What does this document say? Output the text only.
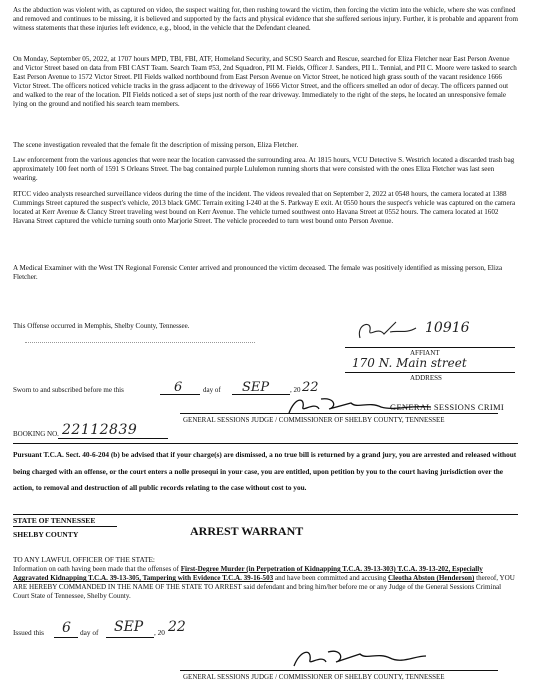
As the abduction was violent with, as captured on video, the suspect waiting for, then rushing toward the victim, then forcing the victim into the vehicle, where she was confined and removed and continues to be missing, it is believed and supported by the facts and physical evidence that she suffered serious injury. Further, it is probable and apparent from witness statements that these injuries left evidence, e.g., blood, in the vehicle that the Defendant cleaned.

On Monday, September 05, 2022, at 1707 hours MPD, TBI, FBI, ATF, Homeland Security, and SCSO Search and Rescue, searched for Eliza Fletcher near East Person Avenue and Victor Street based on data from FBI CAST Team. Search Team #53, 2nd Squadron, PII M. Fields, Officer J. Sanders, PII L. Tennial, and PII C. Moore were tasked to search East Person Avenue to 1572 Victor Street. PII Fields walked northbound from East Person Avenue on Victor Street, he noticed high grass south of the vacant residence 1666 Victor Street. The officers noticed vehicle tracks in the grass adjacent to the driveway of 1666 Victor Street, and the officers smelled an odor of decay. The officers panned out and walked to the rear of the location. PII Fields noticed a set of steps just north of the rear driveway. Immediately to the right of the steps, he located an unresponsive female lying on the ground and notified his search team members.

The scene investigation revealed that the female fit the description of missing person, Eliza Fletcher.

Law enforcement from the various agencies that were near the location canvassed the surrounding area. At 1815 hours, VCU Detective S. Westrich located a discarded trash bag approximately 100 feet north of 1591 S Orleans Street. The bag contained purple Lululemon running shorts that were consisted with the ones Eliza Fletcher was last seen wearing.

RTCC video analysts researched surveillance videos during the time of the incident. The videos revealed that on September 2, 2022 at 0548 hours, the camera located at 1388 Cummings Street captured the suspect's vehicle, 2013 black GMC Terrain exiting I-240 at the S. Parkway E exit. At 0550 hours the suspect's vehicle was captured on the camera located at Kerr Avenue & Clancy Street traveling west bound on Kerr Avenue. The vehicle turned southwest onto Havana Street at 0552 hours. The camera located at 1602 Havana Street captured the vehicle turning south onto Marjorie Street. The vehicle proceeded to turn west bound onto Person Avenue.

A Medical Examiner with the West TN Regional Forensic Center arrived and pronounced the victim deceased. The female was positively identified as missing person, Eliza Fletcher.

This Offense occurred in Memphis, Shelby County, Tennessee.	10916
AFFIANT
170 N. Main street
ADDRESS
Sworn to and subscribed before me this	6	day of SEP	, 20 22
GENERAL SESSIONS CRIMI
GENERAL SESSIONS JUDGE / COMMISSIONER OF SHELBY COUNTY, TENNESSEE
BOOKING NO. 22112839

Pursuant T.C.A. Sect. 40-6-204 (b) be advised that if your charge(s) are dismissed, a no true bill is returned by a grand jury, you are arrested and released without being charged with an offense, or the court enters a nolle prosequi in your case, you are entitled, upon petition by you to the court having jurisdiction over the action, to removal and destruction of all public records relating to the case without cost to you.

STATE OF TENNESSEE
SHELBY COUNTY	ARREST WARRANT
TO ANY LAWFUL OFFICER OF THE STATE:

Information on oath having been made that the offenses of First-Degree Murder (in Perpetration of Kidnapping T.C.A. 39-13-303) T.C.A. 39-13-202, Especially Aggravated Kidnapping T.C.A. 39-13-305, Tampering with Evidence T.C.A. 39-16-503 and have been committed and accusing Cleotha Abston (Henderson) thereof, YOU ARE HEREBY COMMANDED IN THE NAME OF THE STATE TO ARREST said defendant and bring him/her before me or any Judge of the General Sessions Criminal Court State of Tennessee, Shelby County.

Issued this 6 day of SEP , 20 22
GENERAL SESSIONS JUDGE / COMMISSIONER OF SHELBY COUNTY, TENNESSEE
